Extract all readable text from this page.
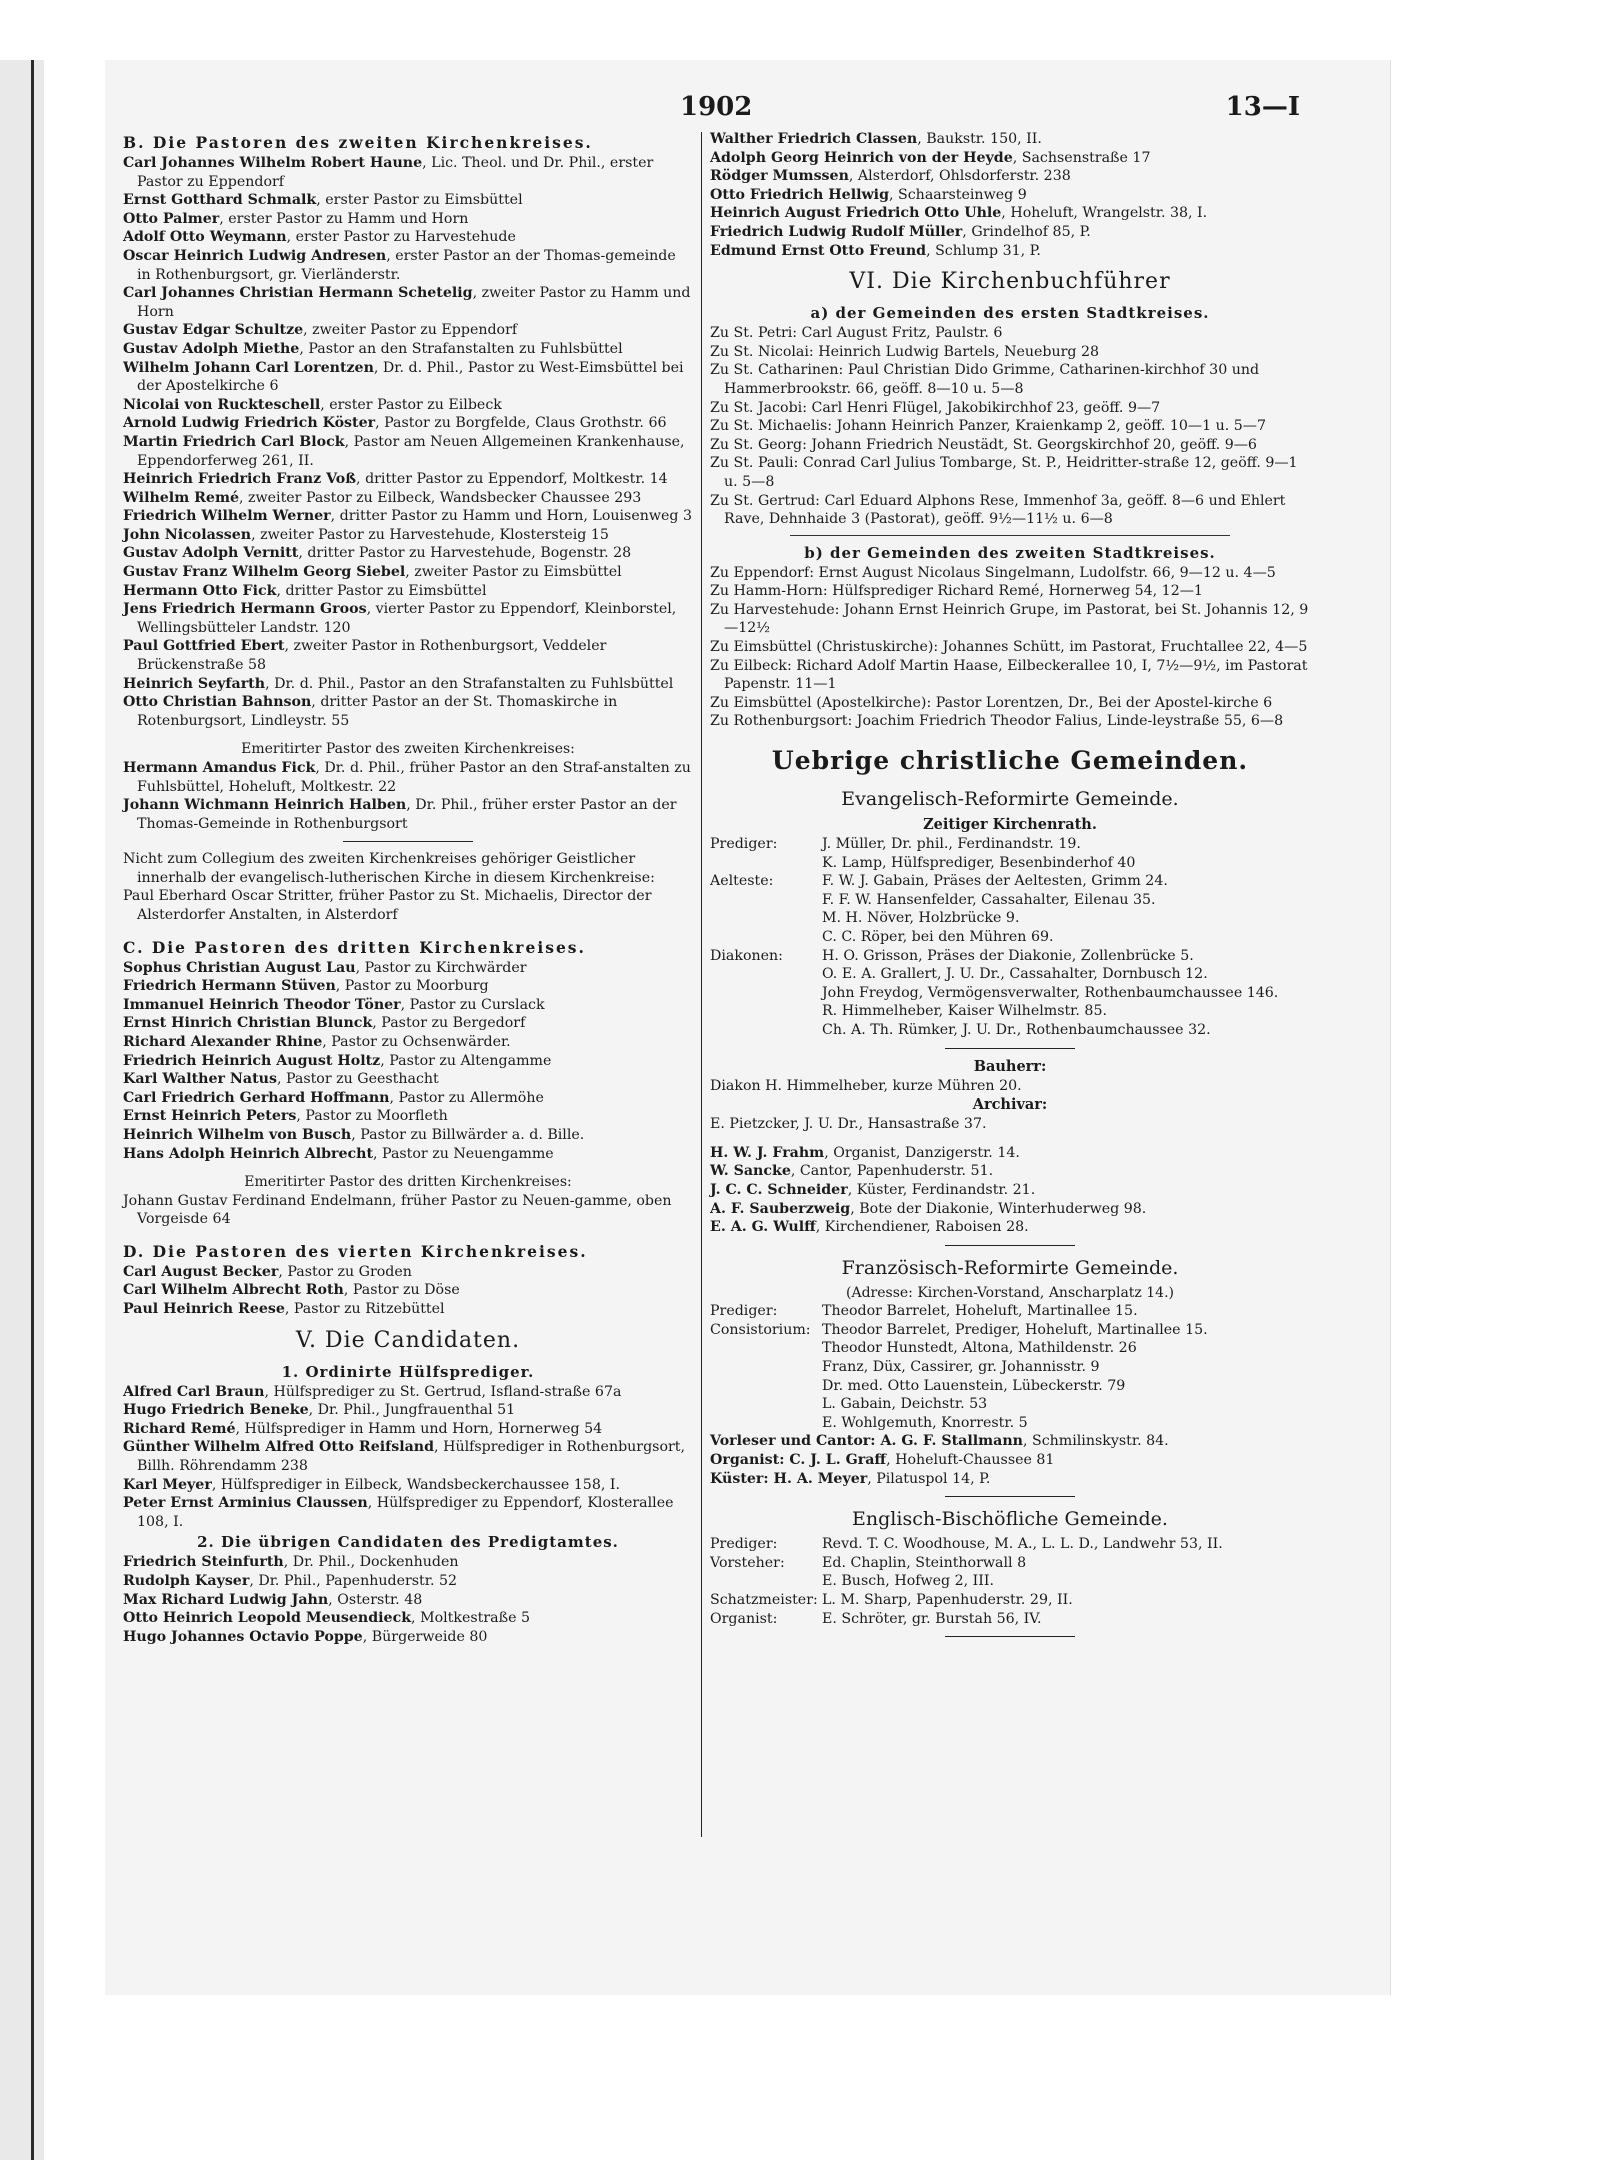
1902	13—I
B. Die Pastoren des zweiten Kirchenkreises.
Carl Johannes Wilhelm Robert Haune, Lic. Theol. und Dr. Phil., erster Pastor zu Eppendorf
Ernst Gotthard Schmalk, erster Pastor zu Eimsbüttel
Otto Palmer, erster Pastor zu Hamm und Horn
Adolf Otto Weymann, erster Pastor zu Harvestehude
Oscar Heinrich Ludwig Andresen, erster Pastor an der Thomas-gemeinde in Rothenburgsort, gr. Vierländerstr.
Carl Johannes Christian Hermann Schetelig, zweiter Pastor zu Hamm und Horn
Gustav Edgar Schultze, zweiter Pastor zu Eppendorf
Gustav Adolph Miethe, Pastor an den Strafanstalten zu Fuhlsbüttel
Wilhelm Johann Carl Lorentzen, Dr. d. Phil., Pastor zu West-Eimsbüttel bei der Apostelkirche 6
Nicolai von Ruckteschell, erster Pastor zu Eilbeck
Arnold Ludwig Friedrich Köster, Pastor zu Borgfelde, Claus Grothstr. 66
Martin Friedrich Carl Block, Pastor am Neuen Allgemeinen Krankenhause, Eppendorferweg 261, II.
Heinrich Friedrich Franz Voß, dritter Pastor zu Eppendorf, Moltkestr. 14
Wilhelm Remé, zweiter Pastor zu Eilbeck, Wandsbecker Chaussee 293
Friedrich Wilhelm Werner, dritter Pastor zu Hamm und Horn, Louisenweg 3
John Nicolassen, zweiter Pastor zu Harvestehude, Klostersteig 15
Gustav Adolph Vernitt, dritter Pastor zu Harvestehude, Bogenstr. 28
Gustav Franz Wilhelm Georg Siebel, zweiter Pastor zu Eimsbüttel
Hermann Otto Fick, dritter Pastor zu Eimsbüttel
Jens Friedrich Hermann Groos, vierter Pastor zu Eppendorf, Kleinborstel, Wellingsbütteler Landstr. 120
Paul Gottfried Ebert, zweiter Pastor in Rothenburgsort, Veddeler Brückenstraße 58
Heinrich Seyfarth, Dr. d. Phil., Pastor an den Strafanstalten zu Fuhlsbüttel
Otto Christian Bahnson, dritter Pastor an der St. Thomaskirche in Rotenburgsort, Lindleystr. 55
Emeritirter Pastor des zweiten Kirchenkreises:
Hermann Amandus Fick, Dr. d. Phil., früher Pastor an den Straf-anstalten zu Fuhlsbüttel, Hoheluft, Moltkestr. 22
Johann Wichmann Heinrich Halben, Dr. Phil., früher erster Pastor an der Thomas-Gemeinde in Rothenburgsort
Nicht zum Collegium des zweiten Kirchenkreises gehöriger Geistlicher innerhalb der evangelisch-lutherischen Kirche in diesem Kirchenkreise:
Paul Eberhard Oscar Stritter, früher Pastor zu St. Michaelis, Director der Alsterdorfer Anstalten, in Alsterdorf
C. Die Pastoren des dritten Kirchenkreises.
Sophus Christian August Lau, Pastor zu Kirchwärder
Friedrich Hermann Stüven, Pastor zu Moorburg
Immanuel Heinrich Theodor Töner, Pastor zu Curslack
Ernst Hinrich Christian Blunck, Pastor zu Bergedorf
Richard Alexander Rhine, Pastor zu Ochsenwärder.
Friedrich Heinrich August Holtz, Pastor zu Altengamme
Karl Walther Natus, Pastor zu Geesthacht
Carl Friedrich Gerhard Hoffmann, Pastor zu Allermöhe
Ernst Heinrich Peters, Pastor zu Moorfleth
Heinrich Wilhelm von Busch, Pastor zu Billwärder a. d. Bille.
Hans Adolph Heinrich Albrecht, Pastor zu Neuengamme
Emeritirter Pastor des dritten Kirchenkreises:
Johann Gustav Ferdinand Endelmann, früher Pastor zu Neuen-gamme, oben Vorgeisde 64
D. Die Pastoren des vierten Kirchenkreises.
Carl August Becker, Pastor zu Groden
Carl Wilhelm Albrecht Roth, Pastor zu Döse
Paul Heinrich Reese, Pastor zu Ritzebüttel
V. Die Candidaten.
1. Ordinirte Hülfsprediger.
Alfred Carl Braun, Hülfsprediger zu St. Gertrud, Isfland-straße 67a
Hugo Friedrich Beneke, Dr. Phil., Jungfrauenthal 51
Richard Remé, Hülfsprediger in Hamm und Horn, Hornerweg 54
Günther Wilhelm Alfred Otto Reifsland, Hülfsprediger in Rothenburgsort, Billh. Röhrendamm 238
Karl Meyer, Hülfsprediger in Eilbeck, Wandsbeckerchaussee 158, I.
Peter Ernst Arminius Claussen, Hülfsprediger zu Eppendorf, Klosterallee 108, I.
2. Die übrigen Candidaten des Predigtamtes.
Friedrich Steinfurth, Dr. Phil., Dockenhuden
Rudolph Kayser, Dr. Phil., Papenhuderstr. 52
Max Richard Ludwig Jahn, Osterstr. 48
Otto Heinrich Leopold Meusendieck, Moltkestraße 5
Hugo Johannes Octavio Poppe, Bürgerweide 80
Walther Friedrich Classen, Baukstr. 150, II.
Adolph Georg Heinrich von der Heyde, Sachsenstraße 17
Rödger Mumssen, Alsterdorf, Ohlsdorferstr. 238
Otto Friedrich Hellwig, Schaarsteinweg 9
Heinrich August Friedrich Otto Uhle, Hoheluft, Wrangelstr. 38, I.
Friedrich Ludwig Rudolf Müller, Grindelhof 85, P.
Edmund Ernst Otto Freund, Schlump 31, P.
VI. Die Kirchenbuchführer
a) der Gemeinden des ersten Stadtkreises.
Zu St. Petri: Carl August Fritz, Paulstr. 6
Zu St. Nicolai: Heinrich Ludwig Bartels, Neueburg 28
Zu St. Catharinen: Paul Christian Dido Grimme, Catharinen-kirchhof 30 und Hammerbrookstr. 66, geöff. 8—10 u. 5—8
Zu St. Jacobi: Carl Henri Flügel, Jakobikirchhof 23, geöff. 9—7
Zu St. Michaelis: Johann Heinrich Panzer, Kraienkamp 2, geöff. 10—1 u. 5—7
Zu St. Georg: Johann Friedrich Neustädt, St. Georgskirchhof 20, geöff. 9—6
Zu St. Pauli: Conrad Carl Julius Tombarge, St. P., Heidritter-straße 12, geöff. 9—1 u. 5—8
Zu St. Gertrud: Carl Eduard Alphons Rese, Immenhof 3a, geöff. 8—6 und Ehlert Rave, Dehnhaide 3 (Pastorat), geöff. 9½—11½ u. 6—8
b) der Gemeinden des zweiten Stadtkreises.
Zu Eppendorf: Ernst August Nicolaus Singelmann, Ludolfstr. 66, 9—12 u. 4—5
Zu Hamm-Horn: Hülfsprediger Richard Remé, Hornerweg 54, 12—1
Zu Harvestehude: Johann Ernst Heinrich Grupe, im Pastorat, bei St. Johannis 12, 9—12½
Zu Eimsbüttel (Christuskirche): Johannes Schütt, im Pastorat, Fruchtallee 22, 4—5
Zu Eilbeck: Richard Adolf Martin Haase, Eilbeckerallee 10, I, 7½—9½, im Pastorat Papenstr. 11—1
Zu Eimsbüttel (Apostelkirche): Pastor Lorentzen, Dr., Bei der Apostel-kirche 6
Zu Rothenburgsort: Joachim Friedrich Theodor Falius, Linde-leystraße 55, 6—8
Uebrige christliche Gemeinden.
Evangelisch-Reformirte Gemeinde.
Zeitiger Kirchenrath.
Prediger:	J. Müller, Dr. phil., Ferdinandstr. 19.
K. Lamp, Hülfsprediger, Besenbinderhof 40
Aelteste:	F. W. J. Gabain, Präses der Aeltesten, Grimm 24.
F. F. W. Hansenfelder, Cassahalter, Eilenau 35.
M. H. Növer, Holzbrücke 9.
C. C. Röper, bei den Mühren 69.
Diakonen:	H. O. Grisson, Präses der Diakonie, Zollenbrücke 5.
O. E. A. Grallert, J. U. Dr., Cassahalter, Dornbusch 12.
John Freydog, Vermögensverwalter, Rothenbaumchaussee 146.
R. Himmelheber, Kaiser Wilhelmstr. 85.
Ch. A. Th. Rümker, J. U. Dr., Rothenbaumchaussee 32.
Bauherr:
Diakon H. Himmelheber, kurze Mühren 20.
Archivar:
E. Pietzcker, J. U. Dr., Hansastraße 37.
H. W. J. Frahm, Organist, Danzigerstr. 14.
W. Sancke, Cantor, Papenhuderstr. 51.
J. C. C. Schneider, Küster, Ferdinandstr. 21.
A. F. Sauberzweig, Bote der Diakonie, Winterhuderweg 98.
E. A. G. Wulff, Kirchendiener, Raboisen 28.
Französisch-Reformirte Gemeinde.
(Adresse: Kirchen-Vorstand, Anscharplatz 14.)
Prediger:	Theodor Barrelet, Hoheluft, Martinallee 15.
Consistorium: Theodor Barrelet, Prediger, Hoheluft, Martinallee 15.
Theodor Hunstedt, Altona, Mathildenstr. 26
Franz, Düx, Cassirer, gr. Johannisstr. 9
Dr. med. Otto Lauenstein, Lübeckerstr. 79
L. Gabain, Deichstr. 53
E. Wohlgemuth, Knorrestr. 5
Vorleser und Cantor: A. G. F. Stallmann, Schmilinskystr. 84.
Organist: C. J. L. Graff, Hoheluft-Chaussee 81
Küster: H. A. Meyer, Pilatuspol 14, P.
Englisch-Bischöfliche Gemeinde.
Prediger:	Revd. T. C. Woodhouse, M. A., L. L. D., Landwehr 53, II.
Vorsteher:	Ed. Chaplin, Steinthorwall 8
E. Busch, Hofweg 2, III.
Schatzmeister: L. M. Sharp, Papenhuderstr. 29, II.
Organist:	E. Schröter, gr. Burstah 56, IV.
